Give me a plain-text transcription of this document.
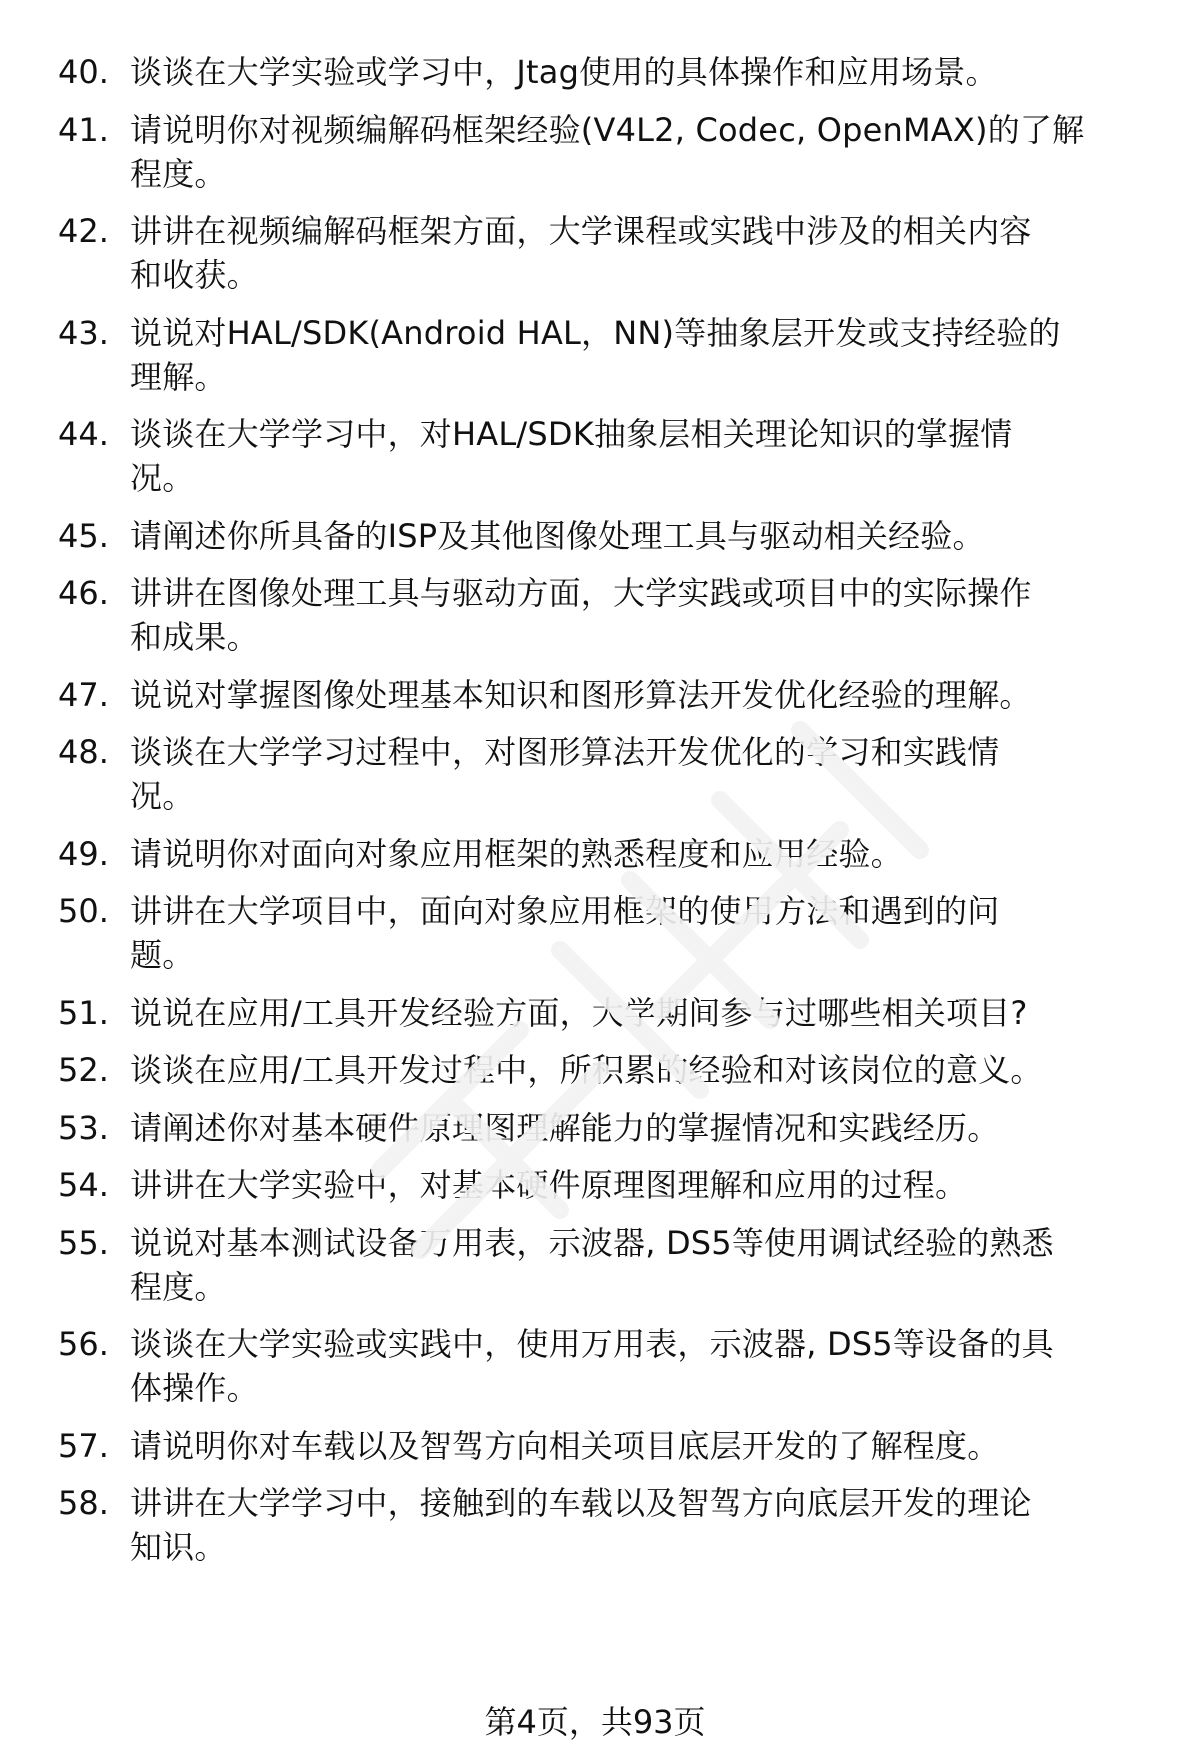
40. 谈谈在大学实验或学习中，Jtag使用的具体操作和应用场景。
41. 请说明你对视频编解码框架经验(V4L2, Codec, OpenMAX)的了解
程度。
42. 讲讲在视频编解码框架方面，大学课程或实践中涉及的相关内容
和收获。
43. 说说对HAL/SDK(Android HAL，NN)等抽象层开发或支持经验的
理解。
44. 谈谈在大学学习中，对HAL/SDK抽象层相关理论知识的掌握情
况。
45. 请阐述你所具备的ISP及其他图像处理工具与驱动相关经验。
46. 讲讲在图像处理工具与驱动方面，大学实践或项目中的实际操作
和成果。
47. 说说对掌握图像处理基本知识和图形算法开发优化经验的理解。
48. 谈谈在大学学习过程中，对图形算法开发优化的学习和实践情
况。
49. 请说明你对面向对象应用框架的熟悉程度和应用经验。
50. 讲讲在大学项目中，面向对象应用框架的使用方法和遇到的问
题。
51. 说说在应用/工具开发经验方面，大学期间参与过哪些相关项目?
52. 谈谈在应用/工具开发过程中，所积累的经验和对该岗位的意义。
53. 请阐述你对基本硬件原理图理解能力的掌握情况和实践经历。
54. 讲讲在大学实验中，对基本硬件原理图理解和应用的过程。
55. 说说对基本测试设备万用表，示波器, DS5等使用调试经验的熟悉
程度。
56. 谈谈在大学实验或实践中，使用万用表，示波器, DS5等设备的具
体操作。
57. 请说明你对车载以及智驾方向相关项目底层开发的了解程度。
58. 讲讲在大学学习中，接触到的车载以及智驾方向底层开发的理论
知识。
第4页，共93页
